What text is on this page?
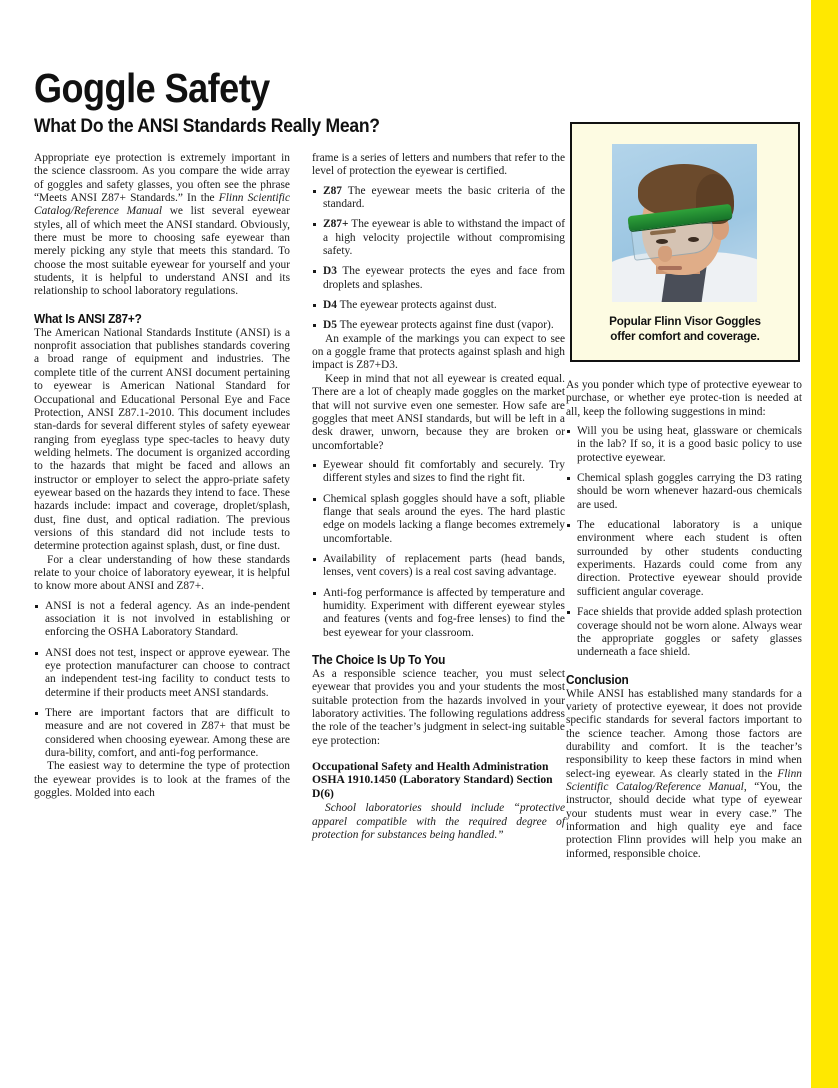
Goggle Safety
What Do the ANSI Standards Really Mean?
Popular Flinn Visor Goggles
offer comfort and coverage.

Appropriate eye protection is extremely important in the science classroom. As you compare the wide array of goggles and safety glasses, you often see the phrase “Meets ANSI Z87+ Standards.” In the Flinn Scientific Catalog/Reference Manual we list several eyewear styles, all of which meet the ANSI standard. Obviously, there must be more to choosing safe eyewear than merely picking any style that meets this standard. To choose the most suitable eyewear for yourself and your students, it is helpful to understand ANSI and its relationship to school laboratory regulations.

What Is ANSI Z87+?

The American National Standards Institute (ANSI) is a nonprofit association that publishes standards covering a broad range of equipment and industries. The complete title of the current ANSI document pertaining to eyewear is American National Standard for Occupational and Educational Personal Eye and Face Protection, ANSI Z87.1-2010. This document includes stan-dards for several different styles of safety eyewear ranging from eyeglass type spec-tacles to heavy duty welding helmets. The document is organized according to the hazards that might be faced and allows an instructor or employer to select the appro-priate safety eyewear based on the hazards they intend to face. These hazards include: impact and coverage, droplet/splash, dust, fine dust, and optical radiation. The previous versions of this standard did not include tests to determine protection against splash, dust, or fine dust.

For a clear understanding of how these standards relate to your choice of laboratory eyewear, it is helpful to know more about ANSI and Z87+.

ANSI is not a federal agency. As an inde-pendent association it is not involved in establishing or enforcing the OSHA Laboratory Standard.
ANSI does not test, inspect or approve eyewear. The eye protection manufacturer can choose to contract an independent test-ing facility to conduct tests to determine if their products meet ANSI standards.
There are important factors that are difficult to measure and are not covered in Z87+ that must be considered when choosing eyewear. Among these are dura-bility, comfort, and anti-fog performance.

The easiest way to determine the type of protection the eyewear provides is to look at the frames of the goggles. Molded into each

frame is a series of letters and numbers that refer to the level of protection the eyewear is certified.

Z87 The eyewear meets the basic criteria of the standard.
Z87+ The eyewear is able to withstand the impact of a high velocity projectile without compromising safety.
D3 The eyewear protects the eyes and face from droplets and splashes.
D4 The eyewear protects against dust.
D5 The eyewear protects against fine dust (vapor).

An example of the markings you can expect to see on a goggle frame that protects against splash and high impact is Z87+D3.

Keep in mind that not all eyewear is created equal. There are a lot of cheaply made goggles on the market that will not survive even one semester. How safe are goggles that meet ANSI standards, but will be left in a desk drawer, unworn, because they are broken or uncomfortable?

Eyewear should fit comfortably and securely. Try different styles and sizes to find the right fit.
Chemical splash goggles should have a soft, pliable flange that seals around the eyes. The hard plastic edge on models lacking a flange becomes extremely uncomfortable.
Availability of replacement parts (head bands, lenses, vent covers) is a real cost saving advantage.
Anti-fog performance is affected by temperature and humidity. Experiment with different eyewear styles and features (vents and fog-free lenses) to find the best eyewear for your classroom.
The Choice Is Up To You

As a responsible science teacher, you must select eyewear that provides you and your students the most suitable protection from the hazards involved in your laboratory activities. The following regulations address the role of the teacher’s judgment in select-ing suitable eye protection:

Occupational Safety and Health Administration OSHA 1910.1450 (Laboratory Standard) Section D(6)

School laboratories should include “protective apparel compatible with the required degree of protection for substances being handled.”

As you ponder which type of protective eyewear to purchase, or whether eye protec-tion is needed at all, keep the following suggestions in mind:

Will you be using heat, glassware or chemicals in the lab? If so, it is a good basic policy to use protective eyewear.
Chemical splash goggles carrying the D3 rating should be worn whenever hazard-ous chemicals are used.
The educational laboratory is a unique environment where each student is often surrounded by other students conducting experiments. Hazards could come from any direction. Protective eyewear should provide sufficient angular coverage.
Face shields that provide added splash protection coverage should not be worn alone. Always wear the appropriate goggles or safety glasses underneath a face shield.
Conclusion

While ANSI has established many standards for a variety of protective eyewear, it does not provide specific standards for several factors important to the science teacher. Among those factors are durability and comfort. It is the teacher’s responsibility to keep these factors in mind when select-ing eyewear. As clearly stated in the Flinn Scientific Catalog/Reference Manual, “You, the instructor, should decide what type of eyewear your students must wear in every case.” The information and high quality eye and face protection Flinn provides will help you make an informed, responsible choice.
